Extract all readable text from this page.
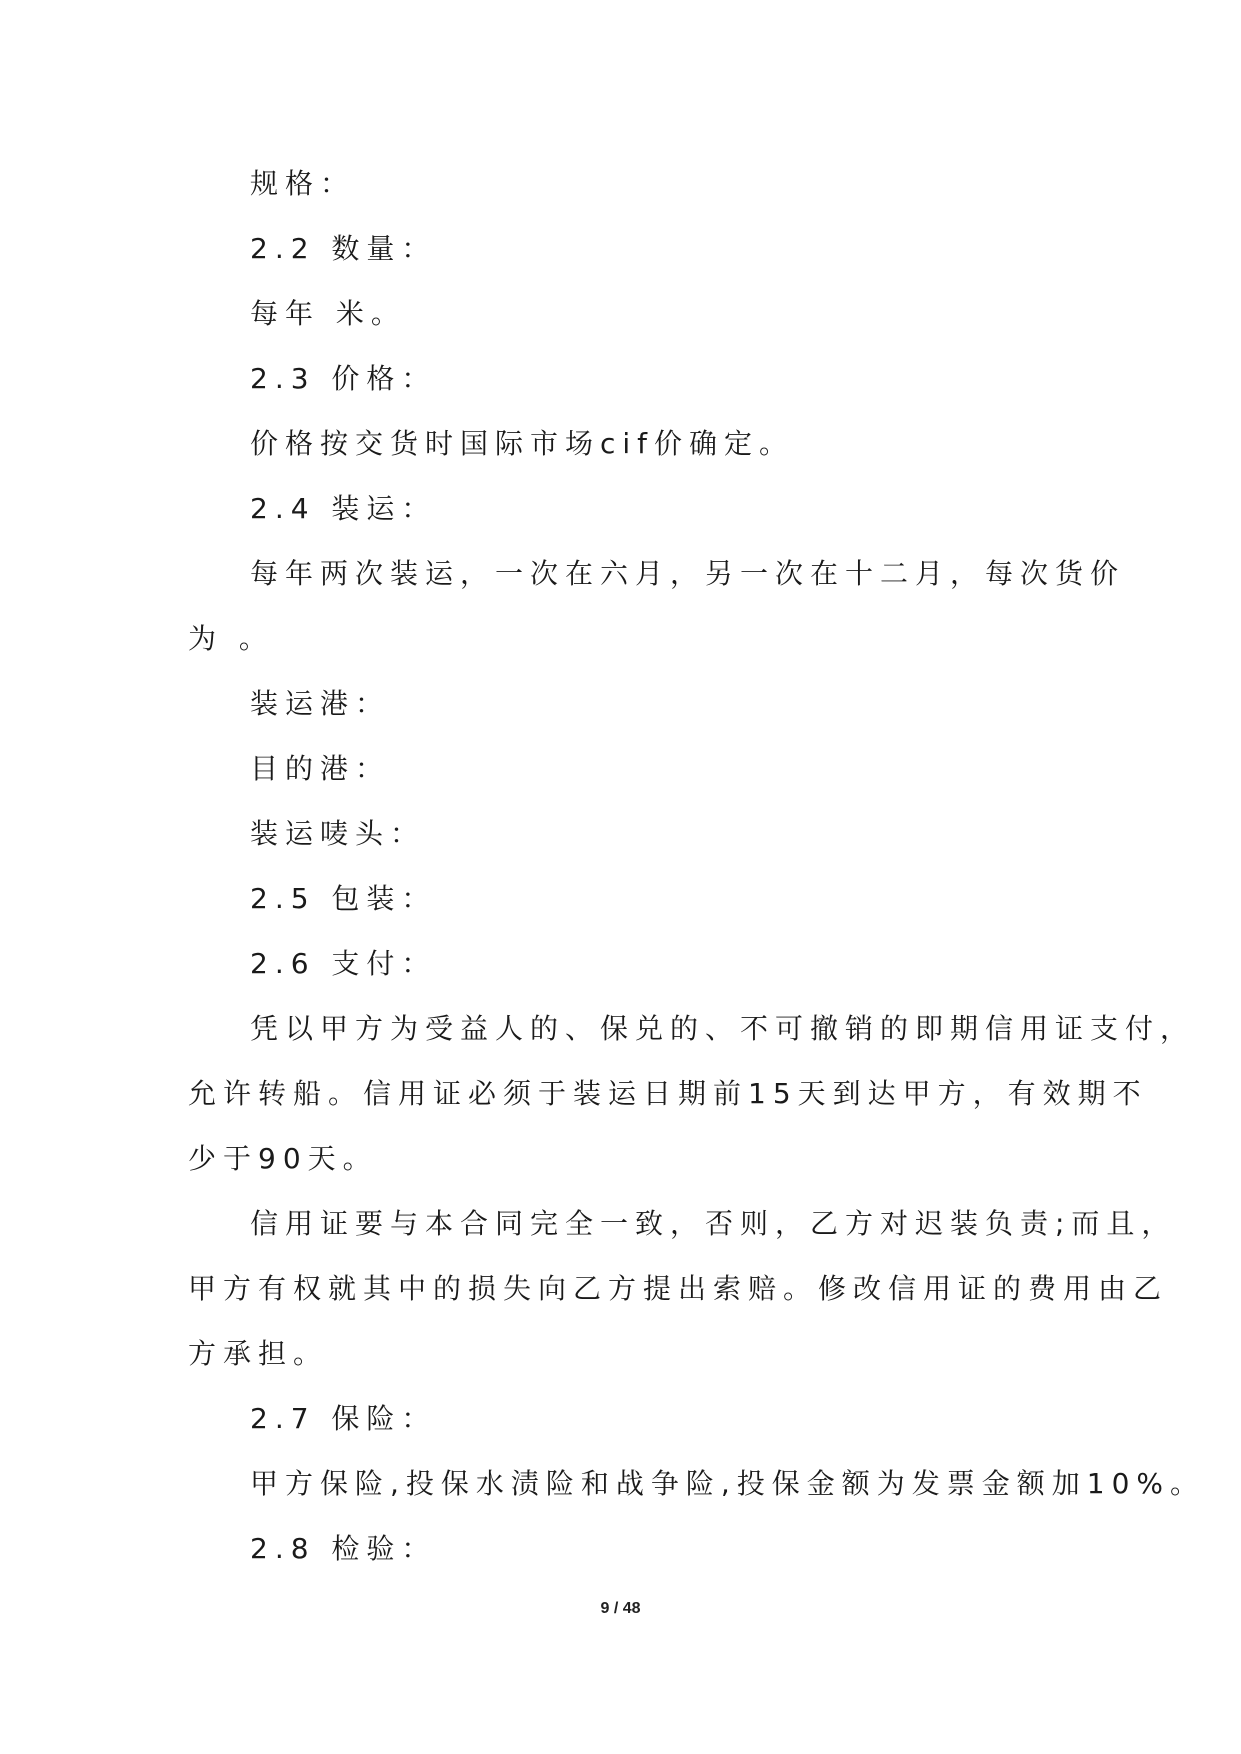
规格：
2.2 数量：
每年 米。
2.3 价格：
价格按交货时国际市场cif价确定。
2.4 装运：
每年两次装运，一次在六月，另一次在十二月，每次货价
为 。
装运港：
目的港：
装运唛头：
2.5 包装：
2.6 支付：
凭以甲方为受益人的、保兑的、不可撤销的即期信用证支付，
允许转船。信用证必须于装运日期前15天到达甲方，有效期不
少于90天。
信用证要与本合同完全一致，否则，乙方对迟装负责;而且，
甲方有权就其中的损失向乙方提出索赔。修改信用证的费用由乙
方承担。
2.7 保险：
甲方保险,投保水渍险和战争险,投保金额为发票金额加10%。
2.8 检验：
9 / 48
